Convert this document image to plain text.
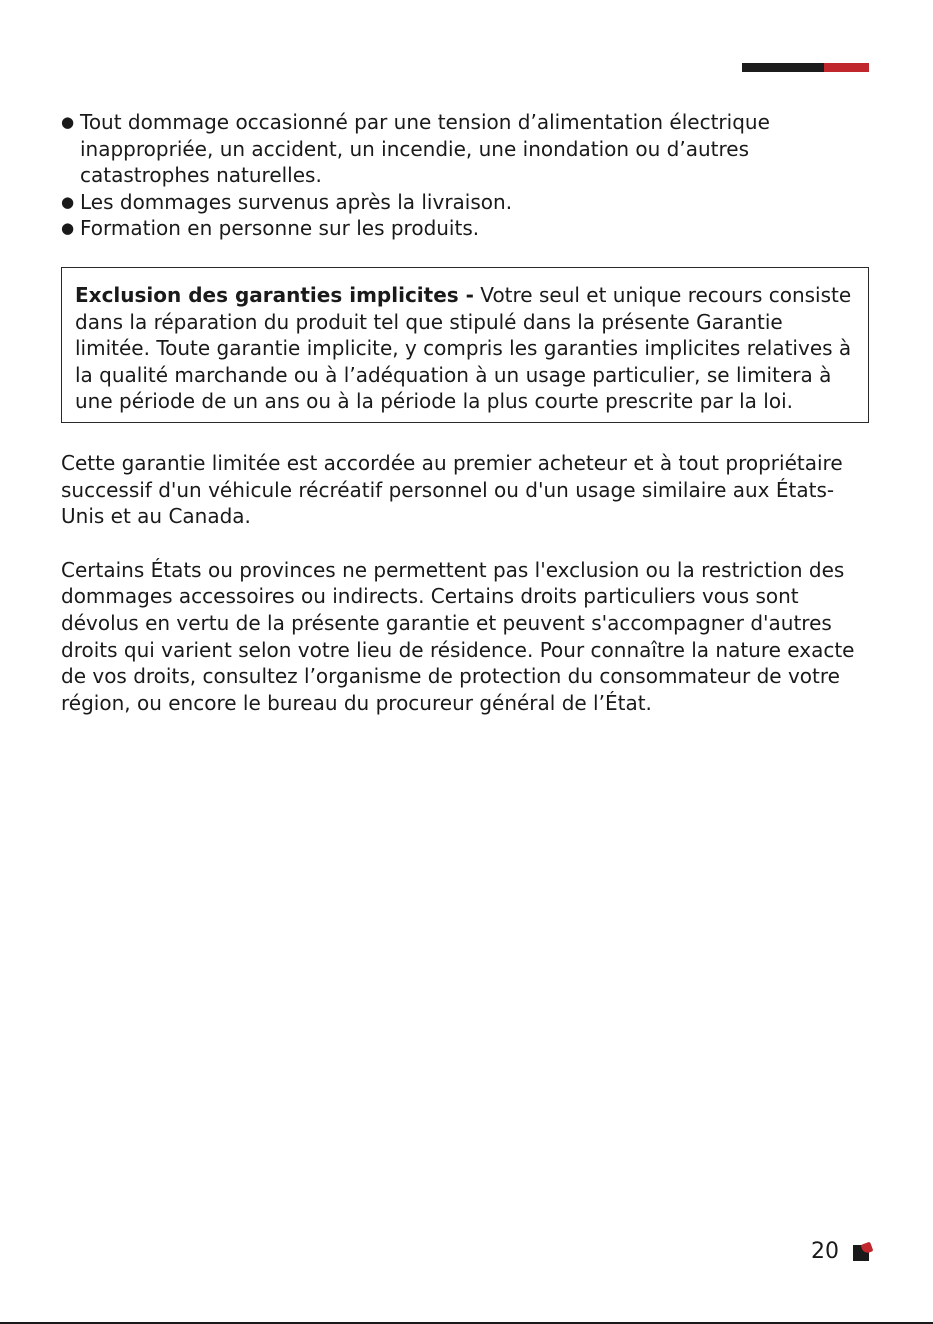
● Tout dommage occasionné par une tension d’alimentation électrique inappropriée, un accident, un incendie, une inondation ou d’autres catastrophes naturelles.
● Les dommages survenus après la livraison.
● Formation en personne sur les produits.
Exclusion des garanties implicites - Votre seul et unique recours consiste dans la réparation du produit tel que stipulé dans la présente Garantie limitée. Toute garantie implicite, y compris les garanties implicites relatives à la qualité marchande ou à l’adéquation à un usage particulier, se limitera à une période de un ans ou à la période la plus courte prescrite par la loi.

Cette garantie limitée est accordée au premier acheteur et à tout propriétaire successif d'un véhicule récréatif personnel ou d'un usage similaire aux États-Unis et au Canada.

Certains États ou provinces ne permettent pas l'exclusion ou la restriction des dommages accessoires ou indirects. Certains droits particuliers vous sont dévolus en vertu de la présente garantie et peuvent s'accompagner d'autres droits qui varient selon votre lieu de résidence. Pour connaître la nature exacte de vos droits, consultez l’organisme de protection du consommateur de votre région, ou encore le bureau du procureur général de l’État.

20
